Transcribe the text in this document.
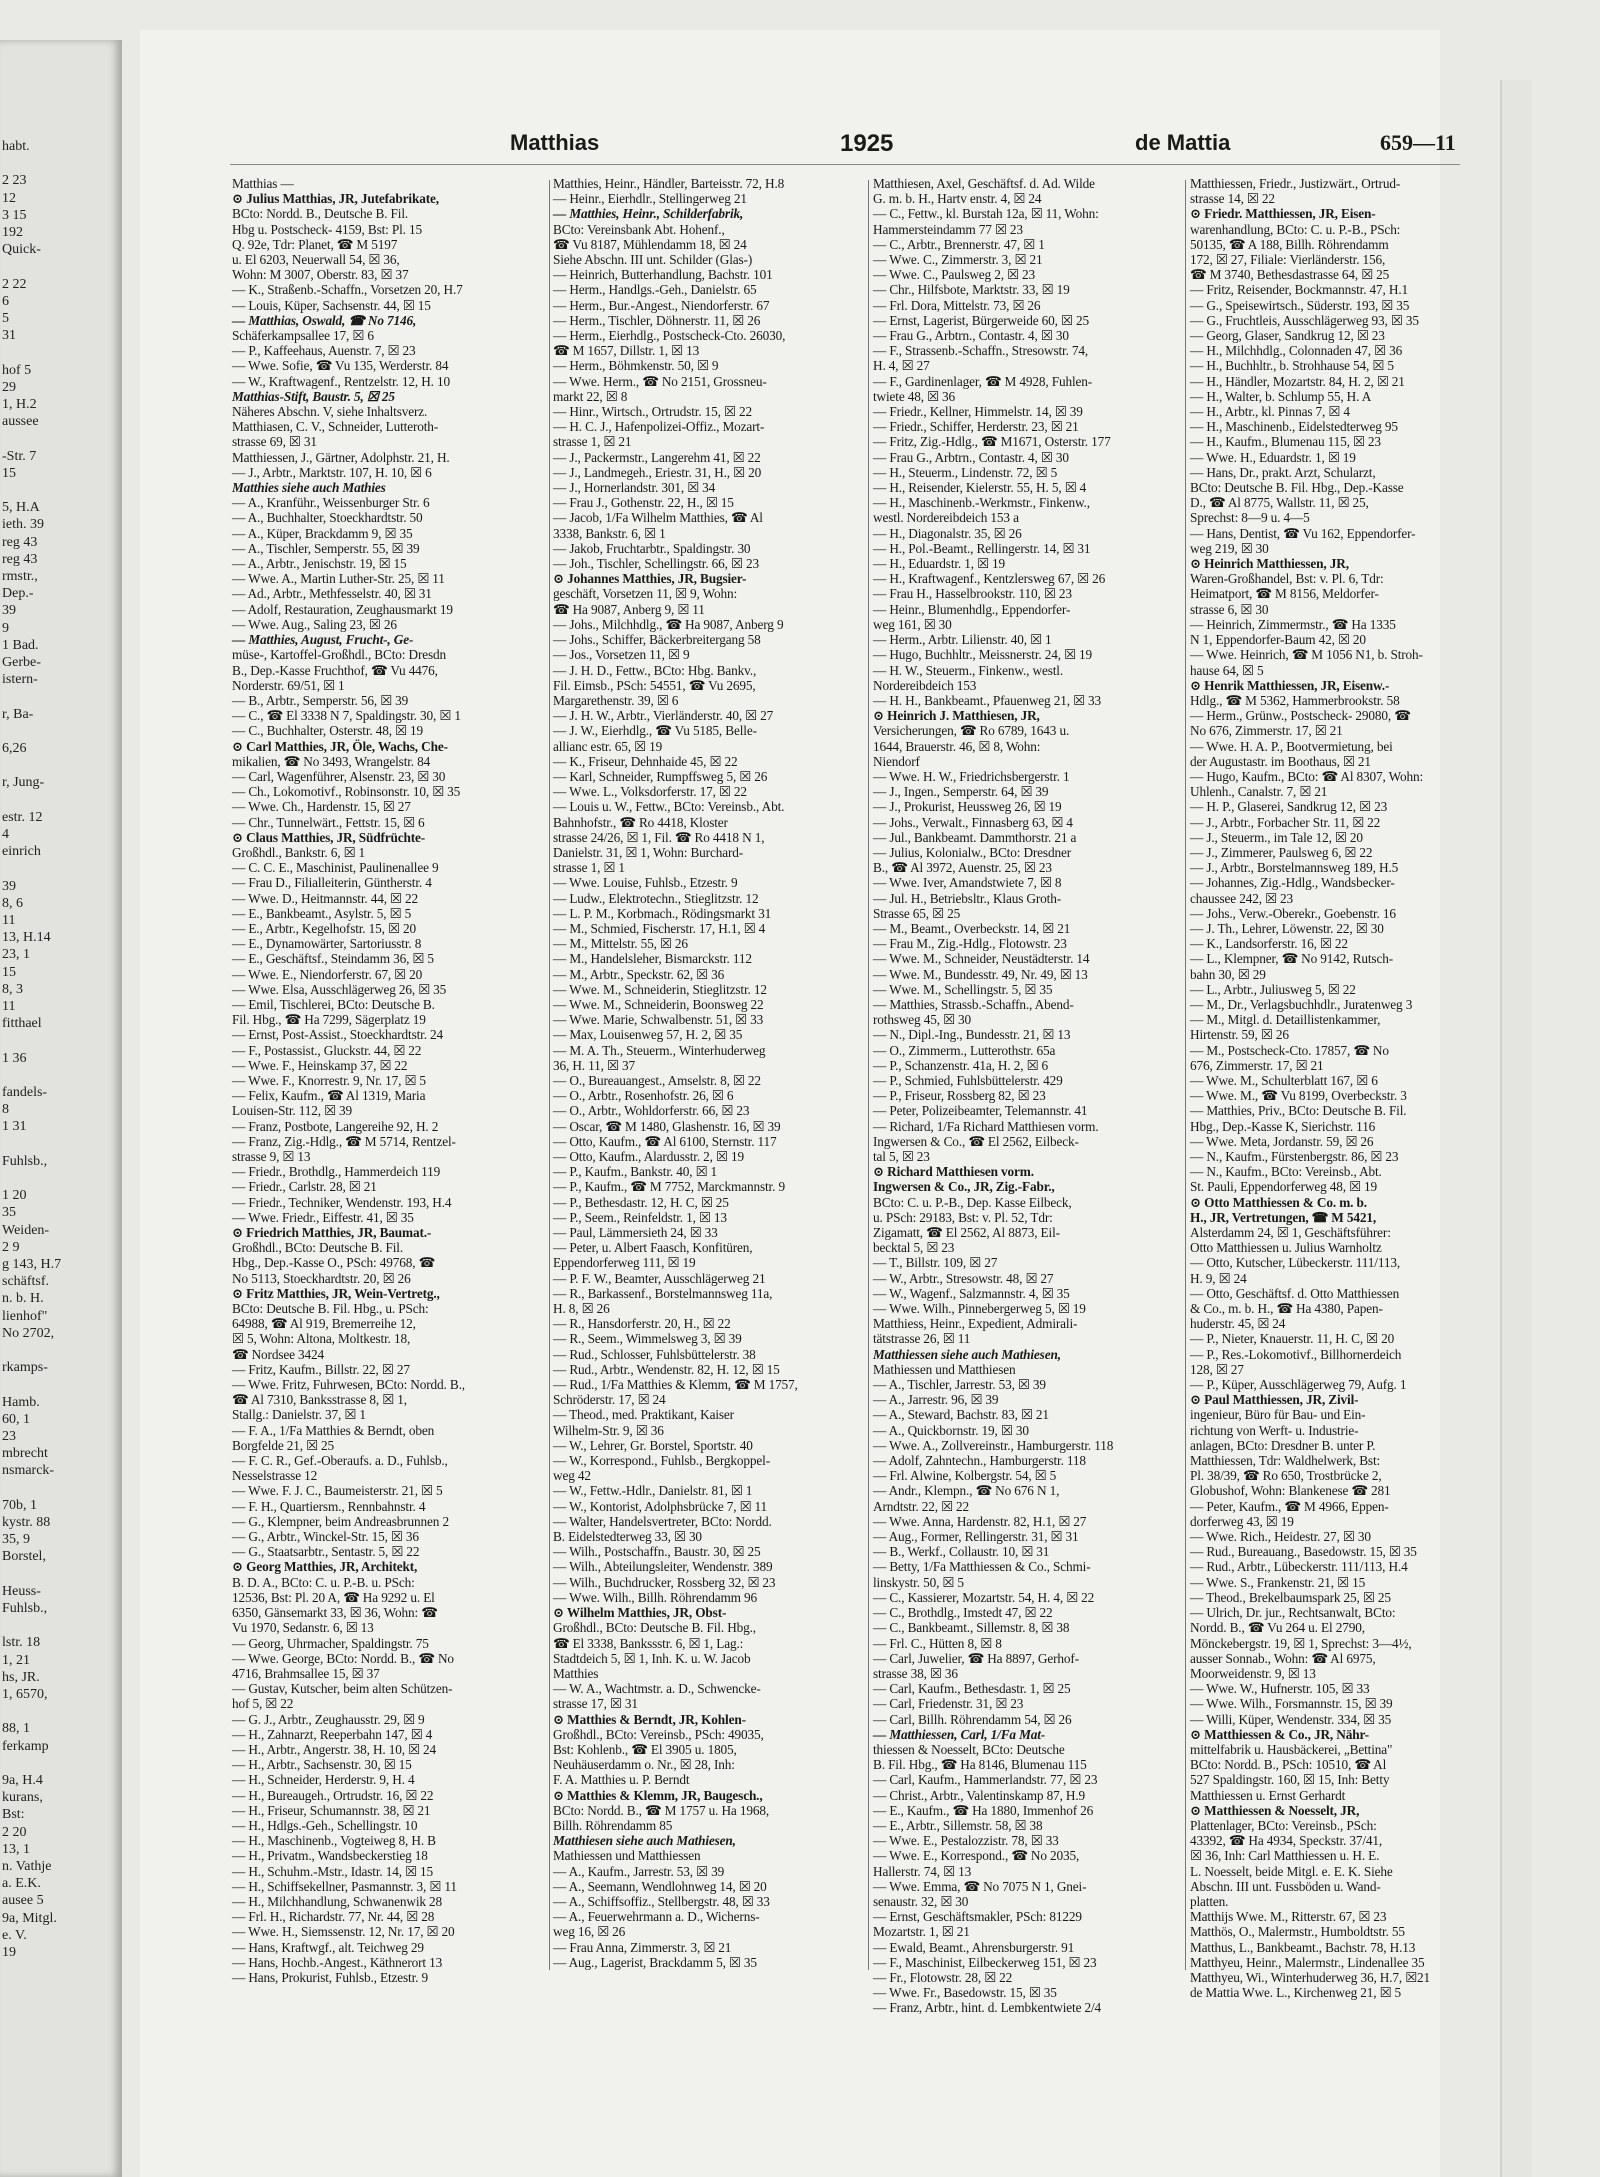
habt.
2 23
12
3 15
192
Quick-
2 22
6
5
31
hof 5
29
1, H.2
aussee
-Str. 7
15
5, H.A
ieth. 39
reg 43
reg 43
rmstr.,
Dep.-
39
9
1 Bad.
Gerbe-
istern-
r, Ba-
6,26
r, Jung-
estr. 12
4
einrich
39
8, 6
11
13, H.14
23, 1
15
8, 3
11
fitthael
1 36
fandels-
8
1 31
Fuhlsb.,
1 20
35
Weiden-
2 9
g 143, H.7
schäftsf.
n. b. H.
lienhof"
No 2702,
rkamps-
Hamb.
60, 1
23
mbrecht
nsmarck-
70b, 1
kystr. 88
35, 9
Borstel,
Heuss-
Fuhlsb.,
lstr. 18
1, 21
hs, JR.
1, 6570,
88, 1
ferkamp
9a, H.4
kurans,
Bst:
2 20
13, 1
n. Vathje
a. E.K.
ausee 5
9a, Mitgl.
e. V.
19
Matthias	1925	de Mattia	659—11
Matthias —
⊙ Julius Matthias, JR, Jutefabrikate,
BCto: Nordd. B., Deutsche B. Fil.
Hbg u. Postscheck- 4159, Bst: Pl. 15
Q. 92e, Tdr: Planet, ☎ M 5197
u. El 6203, Neuerwall 54, ☒ 36,
Wohn: M 3007, Oberstr. 83, ☒ 37
— K., Straßenb.-Schaffn., Vorsetzen 20, H.7
— Louis, Küper, Sachsenstr. 44, ☒ 15
— Matthias, Oswald, ☎ No 7146,
Schäferkampsallee 17, ☒ 6
— P., Kaffeehaus, Auenstr. 7, ☒ 23
— Wwe. Sofie, ☎ Vu 135, Werderstr. 84
— W., Kraftwagenf., Rentzelstr. 12, H. 10
Matthias-Stift, Baustr. 5, ☒ 25
Näheres Abschn. V, siehe Inhaltsverz.
Matthiasen, C. V., Schneider, Lutteroth-
strasse 69, ☒ 31
Matthiessen, J., Gärtner, Adolphstr. 21, H.
— J., Arbtr., Marktstr. 107, H. 10, ☒ 6
Matthies siehe auch Mathies
— A., Kranführ., Weissenburger Str. 6
— A., Buchhalter, Stoeckhardtstr. 50
— A., Küper, Brackdamm 9, ☒ 35
— A., Tischler, Semperstr. 55, ☒ 39
— A., Arbtr., Jenischstr. 19, ☒ 15
— Wwe. A., Martin Luther-Str. 25, ☒ 11
— Ad., Arbtr., Methfesselstr. 40, ☒ 31
— Adolf, Restauration, Zeughausmarkt 19
— Wwe. Aug., Saling 23, ☒ 26
— Matthies, August, Frucht-, Ge-
müse-, Kartoffel-Großhdl., BCto: Dresdn
B., Dep.-Kasse Fruchthof, ☎ Vu 4476,
Norderstr. 69/51, ☒ 1
— B., Arbtr., Semperstr. 56, ☒ 39
— C., ☎ El 3338 N 7, Spaldingstr. 30, ☒ 1
— C., Buchhalter, Osterstr. 48, ☒ 19
⊙ Carl Matthies, JR, Öle, Wachs, Che-
mikalien, ☎ No 3493, Wrangelstr. 84
— Carl, Wagenführer, Alsenstr. 23, ☒ 30
— Ch., Lokomotivf., Robinsonstr. 10, ☒ 35
— Wwe. Ch., Hardenstr. 15, ☒ 27
— Chr., Tunnelwärt., Fettstr. 15, ☒ 6
⊙ Claus Matthies, JR, Südfrüchte-
Großhdl., Bankstr. 6, ☒ 1
— C. C. E., Maschinist, Paulinenallee 9
— Frau D., Filialleiterin, Güntherstr. 4
— Wwe. D., Heitmannstr. 44, ☒ 22
— E., Bankbeamt., Asylstr. 5, ☒ 5
— E., Arbtr., Kegelhofstr. 15, ☒ 20
— E., Dynamowärter, Sartoriusstr. 8
— E., Geschäftsf., Steindamm 36, ☒ 5
— Wwe. E., Niendorferstr. 67, ☒ 20
— Wwe. Elsa, Ausschlägerweg 26, ☒ 35
— Emil, Tischlerei, BCto: Deutsche B.
Fil. Hbg., ☎ Ha 7299, Sägerplatz 19
— Ernst, Post-Assist., Stoeckhardtstr. 24
— F., Postassist., Gluckstr. 44, ☒ 22
— Wwe. F., Heinskamp 37, ☒ 22
— Wwe. F., Knorrestr. 9, Nr. 17, ☒ 5
— Felix, Kaufm., ☎ Al 1319, Maria
Louisen-Str. 112, ☒ 39
— Franz, Postbote, Langereihe 92, H. 2
— Franz, Zig.-Hdlg., ☎ M 5714, Rentzel-
strasse 9, ☒ 13
— Friedr., Brothdlg., Hammerdeich 119
— Friedr., Carlstr. 28, ☒ 21
— Friedr., Techniker, Wendenstr. 193, H.4
— Wwe. Friedr., Eiffestr. 41, ☒ 35
⊙ Friedrich Matthies, JR, Baumat.-
Großhdl., BCto: Deutsche B. Fil.
Hbg., Dep.-Kasse O., PSch: 49768, ☎
No 5113, Stoeckhardtstr. 20, ☒ 26
⊙ Fritz Matthies, JR, Wein-Vertretg.,
BCto: Deutsche B. Fil. Hbg., u. PSch:
64988, ☎ Al 919, Bremerreihe 12,
☒ 5, Wohn: Altona, Moltkestr. 18,
☎ Nordsee 3424
— Fritz, Kaufm., Billstr. 22, ☒ 27
— Wwe. Fritz, Fuhrwesen, BCto: Nordd. B.,
☎ Al 7310, Banksstrasse 8, ☒ 1,
Stallg.: Danielstr. 37, ☒ 1
— F. A., 1/Fa Matthies & Berndt, oben
Borgfelde 21, ☒ 25
— F. C. R., Gef.-Oberaufs. a. D., Fuhlsb.,
Nesselstrasse 12
— Wwe. F. J. C., Baumeisterstr. 21, ☒ 5
— F. H., Quartiersm., Rennbahnstr. 4
— G., Klempner, beim Andreasbrunnen 2
— G., Arbtr., Winckel-Str. 15, ☒ 36
— G., Staatsarbtr., Sentastr. 5, ☒ 22
⊙ Georg Matthies, JR, Architekt,
B. D. A., BCto: C. u. P.-B. u. PSch:
12536, Bst: Pl. 20 A, ☎ Ha 9292 u. El
6350, Gänsemarkt 33, ☒ 36, Wohn: ☎
Vu 1970, Sedanstr. 6, ☒ 13
— Georg, Uhrmacher, Spaldingstr. 75
— Wwe. George, BCto: Nordd. B., ☎ No
4716, Brahmsallee 15, ☒ 37
— Gustav, Kutscher, beim alten Schützen-
hof 5, ☒ 22
— G. J., Arbtr., Zeughausstr. 29, ☒ 9
— H., Zahnarzt, Reeperbahn 147, ☒ 4
— H., Arbtr., Angerstr. 38, H. 10, ☒ 24
— H., Arbtr., Sachsenstr. 30, ☒ 15
— H., Schneider, Herderstr. 9, H. 4
— H., Bureaugeh., Ortrudstr. 16, ☒ 22
— H., Friseur, Schumannstr. 38, ☒ 21
— H., Hdlgs.-Geh., Schellingstr. 10
— H., Maschinenb., Vogteiweg 8, H. B
— H., Privatm., Wandsbeckerstieg 18
— H., Schuhm.-Mstr., Idastr. 14, ☒ 15
— H., Schiffsekellner, Pasmannstr. 3, ☒ 11
— H., Milchhandlung, Schwanenwik 28
— Frl. H., Richardstr. 77, Nr. 44, ☒ 28
— Wwe. H., Siemssenstr. 12, Nr. 17, ☒ 20
— Hans, Kraftwgf., alt. Teichweg 29
— Hans, Hochb.-Angest., Käthnerort 13
— Hans, Prokurist, Fuhlsb., Etzestr. 9
Matthies, Heinr., Händler, Barteisstr. 72, H.8
— Heinr., Eierhdlr., Stellingerweg 21
— Matthies, Heinr., Schilderfabrik,
BCto: Vereinsbank Abt. Hohenf.,
☎ Vu 8187, Mühlendamm 18, ☒ 24
Siehe Abschn. III unt. Schilder (Glas-)
— Heinrich, Butterhandlung, Bachstr. 101
— Herm., Handlgs.-Geh., Danielstr. 65
— Herm., Bur.-Angest., Niendorferstr. 67
— Herm., Tischler, Döhnerstr. 11, ☒ 26
— Herm., Eierhdlg., Postscheck-Cto. 26030,
☎ M 1657, Dillstr. 1, ☒ 13
— Herm., Böhmkenstr. 50, ☒ 9
— Wwe. Herm., ☎ No 2151, Grossneu-
markt 22, ☒ 8
— Hinr., Wirtsch., Ortrudstr. 15, ☒ 22
— H. C. J., Hafenpolizei-Offiz., Mozart-
strasse 1, ☒ 21
— J., Packermstr., Langerehm 41, ☒ 22
— J., Landmegeh., Eriestr. 31, H., ☒ 20
— J., Hornerlandstr. 301, ☒ 34
— Frau J., Gothenstr. 22, H., ☒ 15
— Jacob, 1/Fa Wilhelm Matthies, ☎ Al
3338, Bankstr. 6, ☒ 1
— Jakob, Fruchtarbtr., Spaldingstr. 30
— Joh., Tischler, Schellingstr. 66, ☒ 23
⊙ Johannes Matthies, JR, Bugsier-
geschäft, Vorsetzen 11, ☒ 9, Wohn:
☎ Ha 9087, Anberg 9, ☒ 11
— Johs., Milchhdlg., ☎ Ha 9087, Anberg 9
— Johs., Schiffer, Bäckerbreitergang 58
— Jos., Vorsetzen 11, ☒ 9
— J. H. D., Fettw., BCto: Hbg. Bankv.,
Fil. Eimsb., PSch: 54551, ☎ Vu 2695,
Margarethenstr. 39, ☒ 6
— J. H. W., Arbtr., Vierländerstr. 40, ☒ 27
— J. W., Eierhdlg., ☎ Vu 5185, Belle-
allianc estr. 65, ☒ 19
— K., Friseur, Dehnhaide 45, ☒ 22
— Karl, Schneider, Rumpffsweg 5, ☒ 26
— Wwe. L., Volksdorferstr. 17, ☒ 22
— Louis u. W., Fettw., BCto: Vereinsb., Abt.
Bahnhofstr., ☎ Ro 4418, Kloster
strasse 24/26, ☒ 1, Fil. ☎ Ro 4418 N 1,
Danielstr. 31, ☒ 1, Wohn: Burchard-
strasse 1, ☒ 1
— Wwe. Louise, Fuhlsb., Etzestr. 9
— Ludw., Elektrotechn., Stieglitzstr. 12
— L. P. M., Korbmach., Rödingsmarkt 31
— M., Schmied, Fischerstr. 17, H.1, ☒ 4
— M., Mittelstr. 55, ☒ 26
— M., Handelsleher, Bismarckstr. 112
— M., Arbtr., Speckstr. 62, ☒ 36
— Wwe. M., Schneiderin, Stieglitzstr. 12
— Wwe. M., Schneiderin, Boonsweg 22
— Wwe. Marie, Schwalbenstr. 51, ☒ 33
— Max, Louisenweg 57, H. 2, ☒ 35
— M. A. Th., Steuerm., Winterhuderweg
36, H. 11, ☒ 37
— O., Bureauangest., Amselstr. 8, ☒ 22
— O., Arbtr., Rosenhofstr. 26, ☒ 6
— O., Arbtr., Wohldorferstr. 66, ☒ 23
— Oscar, ☎ M 1480, Glashenstr. 16, ☒ 39
— Otto, Kaufm., ☎ Al 6100, Sternstr. 117
— Otto, Kaufm., Alardusstr. 2, ☒ 19
— P., Kaufm., Bankstr. 40, ☒ 1
— P., Kaufm., ☎ M 7752, Marckmannstr. 9
— P., Bethesdastr. 12, H. C, ☒ 25
— P., Seem., Reinfeldstr. 1, ☒ 13
— Paul, Lämmersieth 24, ☒ 33
— Peter, u. Albert Faasch, Konfitüren,
Eppendorferweg 111, ☒ 19
— P. F. W., Beamter, Ausschlägerweg 21
— R., Barkassenf., Borstelmannsweg 11a,
H. 8, ☒ 26
— R., Hansdorferstr. 20, H., ☒ 22
— R., Seem., Wimmelsweg 3, ☒ 39
— Rud., Schlosser, Fuhlsbüttelerstr. 38
— Rud., Arbtr., Wendenstr. 82, H. 12, ☒ 15
— Rud., 1/Fa Matthies & Klemm, ☎ M 1757,
Schröderstr. 17, ☒ 24
— Theod., med. Praktikant, Kaiser
Wilhelm-Str. 9, ☒ 36
— W., Lehrer, Gr. Borstel, Sportstr. 40
— W., Korrespond., Fuhlsb., Bergkoppel-
weg 42
— W., Fettw.-Hdlr., Danielstr. 81, ☒ 1
— W., Kontorist, Adolphsbrücke 7, ☒ 11
— Walter, Handelsvertreter, BCto: Nordd.
B. Eidelstedterweg 33, ☒ 30
— Wilh., Postschaffn., Baustr. 30, ☒ 25
— Wilh., Abteilungsleiter, Wendenstr. 389
— Wilh., Buchdrucker, Rossberg 32, ☒ 23
— Wwe. Wilh., Billh. Röhrendamm 96
⊙ Wilhelm Matthies, JR, Obst-
Großhdl., BCto: Deutsche B. Fil. Hbg.,
☎ El 3338, Bankssstr. 6, ☒ 1, Lag.:
Stadtdeich 5, ☒ 1, Inh. K. u. W. Jacob
Matthies
— W. A., Wachtmstr. a. D., Schwencke-
strasse 17, ☒ 31
⊙ Matthies & Berndt, JR, Kohlen-
Großhdl., BCto: Vereinsb., PSch: 49035,
Bst: Kohlenb., ☎ El 3905 u. 1805,
Neuhäuserdamm o. Nr., ☒ 28, Inh:
F. A. Matthies u. P. Berndt
⊙ Matthies & Klemm, JR, Baugesch.,
BCto: Nordd. B., ☎ M 1757 u. Ha 1968,
Billh. Röhrendamm 85
Matthiesen siehe auch Mathiesen,
Mathiessen und Matthiessen
— A., Kaufm., Jarrestr. 53, ☒ 39
— A., Seemann, Wendlohnweg 14, ☒ 20
— A., Schiffsoffiz., Stellbergstr. 48, ☒ 33
— A., Feuerwehrmann a. D., Wicherns-
weg 16, ☒ 26
— Frau Anna, Zimmerstr. 3, ☒ 21
— Aug., Lagerist, Brackdamm 5, ☒ 35
Matthiesen, Axel, Geschäftsf. d. Ad. Wilde
G. m. b. H., Hartv enstr. 4, ☒ 24
— C., Fettw., kl. Burstah 12a, ☒ 11, Wohn:
Hammersteindamm 77 ☒ 23
— C., Arbtr., Brennerstr. 47, ☒ 1
— Wwe. C., Zimmerstr. 3, ☒ 21
— Wwe. C., Paulsweg 2, ☒ 23
— Chr., Hilfsbote, Marktstr. 33, ☒ 19
— Frl. Dora, Mittelstr. 73, ☒ 26
— Ernst, Lagerist, Bürgerweide 60, ☒ 25
— Frau G., Arbtrn., Contastr. 4, ☒ 30
— F., Strassenb.-Schaffn., Stresowstr. 74,
H. 4, ☒ 27
— F., Gardinenlager, ☎ M 4928, Fuhlen-
twiete 48, ☒ 36
— Friedr., Kellner, Himmelstr. 14, ☒ 39
— Friedr., Schiffer, Herderstr. 23, ☒ 21
— Fritz, Zig.-Hdlg., ☎ M1671, Osterstr. 177
— Frau G., Arbtrn., Contastr. 4, ☒ 30
— H., Steuerm., Lindenstr. 72, ☒ 5
— H., Reisender, Kielerstr. 55, H. 5, ☒ 4
— H., Maschinenb.-Werkmstr., Finkenw.,
westl. Nordereibdeich 153 a
— H., Diagonalstr. 35, ☒ 26
— H., Pol.-Beamt., Rellingerstr. 14, ☒ 31
— H., Eduardstr. 1, ☒ 19
— H., Kraftwagenf., Kentzlersweg 67, ☒ 26
— Frau H., Hasselbrookstr. 110, ☒ 23
— Heinr., Blumenhdlg., Eppendorfer-
weg 161, ☒ 30
— Herm., Arbtr. Lilienstr. 40, ☒ 1
— Hugo, Buchhltr., Meissnerstr. 24, ☒ 19
— H. W., Steuerm., Finkenw., westl.
Nordereibdeich 153
— H. H., Bankbeamt., Pfauenweg 21, ☒ 33
⊙ Heinrich J. Matthiesen, JR,
Versicherungen, ☎ Ro 6789, 1643 u.
1644, Brauerstr. 46, ☒ 8, Wohn:
Niendorf
— Wwe. H. W., Friedrichsbergerstr. 1
— J., Ingen., Semperstr. 64, ☒ 39
— J., Prokurist, Heussweg 26, ☒ 19
— Johs., Verwalt., Finnasberg 63, ☒ 4
— Jul., Bankbeamt. Dammthorstr. 21 a
— Julius, Kolonialw., BCto: Dresdner
B., ☎ Al 3972, Auenstr. 25, ☒ 23
— Wwe. Iver, Amandstwiete 7, ☒ 8
— Jul. H., Betriebsltr., Klaus Groth-
Strasse 65, ☒ 25
— M., Beamt., Overbeckstr. 14, ☒ 21
— Frau M., Zig.-Hdlg., Flotowstr. 23
— Wwe. M., Schneider, Neustädterstr. 14
— Wwe. M., Bundesstr. 49, Nr. 49, ☒ 13
— Wwe. M., Schellingstr. 5, ☒ 35
— Matthies, Strassb.-Schaffn., Abend-
rothsweg 45, ☒ 30
— N., Dipl.-Ing., Bundesstr. 21, ☒ 13
— O., Zimmerm., Lutterothstr. 65a
— P., Schanzenstr. 41a, H. 2, ☒ 6
— P., Schmied, Fuhlsbüttelerstr. 429
— P., Friseur, Rossberg 82, ☒ 23
— Peter, Polizeibeamter, Telemannstr. 41
— Richard, 1/Fa Richard Matthiesen vorm.
Ingwersen & Co., ☎ El 2562, Eilbeck-
tal 5, ☒ 23
⊙ Richard Matthiesen vorm.
Ingwersen & Co., JR, Zig.-Fabr.,
BCto: C. u. P.-B., Dep. Kasse Eilbeck,
u. PSch: 29183, Bst: v. Pl. 52, Tdr:
Zigamatt, ☎ El 2562, Al 8873, Eil-
becktal 5, ☒ 23
— T., Billstr. 109, ☒ 27
— W., Arbtr., Stresowstr. 48, ☒ 27
— W., Wagenf., Salzmannstr. 4, ☒ 35
— Wwe. Wilh., Pinnebergerweg 5, ☒ 19
Matthiess, Heinr., Expedient, Admirali-
tätstrasse 26, ☒ 11
Matthiessen siehe auch Mathiesen,
Mathiessen und Matthiesen
— A., Tischler, Jarrestr. 53, ☒ 39
— A., Jarrestr. 96, ☒ 39
— A., Steward, Bachstr. 83, ☒ 21
— A., Quickbornstr. 19, ☒ 30
— Wwe. A., Zollvereinstr., Hamburgerstr. 118
— Adolf, Zahntechn., Hamburgerstr. 118
— Frl. Alwine, Kolbergstr. 54, ☒ 5
— Andr., Klempn., ☎ No 676 N 1,
Arndtstr. 22, ☒ 22
— Wwe. Anna, Hardenstr. 82, H.1, ☒ 27
— Aug., Former, Rellingerstr. 31, ☒ 31
— B., Werkf., Collaustr. 10, ☒ 31
— Betty, 1/Fa Matthiessen & Co., Schmi-
linskystr. 50, ☒ 5
— C., Kassierer, Mozartstr. 54, H. 4, ☒ 22
— C., Brothdlg., Imstedt 47, ☒ 22
— C., Bankbeamt., Sillemstr. 8, ☒ 38
— Frl. C., Hütten 8, ☒ 8
— Carl, Juwelier, ☎ Ha 8897, Gerhof-
strasse 38, ☒ 36
— Carl, Kaufm., Bethesdastr. 1, ☒ 25
— Carl, Friedenstr. 31, ☒ 23
— Carl, Billh. Röhrendamm 54, ☒ 26
— Matthiessen, Carl, 1/Fa Mat-
thiessen & Noesselt, BCto: Deutsche
B. Fil. Hbg., ☎ Ha 8146, Blumenau 115
— Carl, Kaufm., Hammerlandstr. 77, ☒ 23
— Christ., Arbtr., Valentinskamp 87, H.9
— E., Kaufm., ☎ Ha 1880, Immenhof 26
— E., Arbtr., Sillemstr. 58, ☒ 38
— Wwe. E., Pestalozzistr. 78, ☒ 33
— Wwe. E., Korrespond., ☎ No 2035,
Hallerstr. 74, ☒ 13
— Wwe. Emma, ☎ No 7075 N 1, Gnei-
senaustr. 32, ☒ 30
— Ernst, Geschäftsmakler, PSch: 81229
Mozartstr. 1, ☒ 21
— Ewald, Beamt., Ahrensburgerstr. 91
— F., Maschinist, Eilbeckerweg 151, ☒ 23
— Fr., Flotowstr. 28, ☒ 22
— Wwe. Fr., Basedowstr. 15, ☒ 35
— Franz, Arbtr., hint. d. Lembkentwiete 2/4
Matthiessen, Friedr., Justizwärt., Ortrud-
strasse 14, ☒ 22
⊙ Friedr. Matthiessen, JR, Eisen-
warenhandlung, BCto: C. u. P.-B., PSch:
50135, ☎ A 188, Billh. Röhrendamm
172, ☒ 27, Filiale: Vierländerstr. 156,
☎ M 3740, Bethesdastrasse 64, ☒ 25
— Fritz, Reisender, Bockmannstr. 47, H.1
— G., Speisewirtsch., Süderstr. 193, ☒ 35
— G., Fruchtleis, Ausschlägerweg 93, ☒ 35
— Georg, Glaser, Sandkrug 12, ☒ 23
— H., Milchhdlg., Colonnaden 47, ☒ 36
— H., Buchhltr., b. Strohhause 54, ☒ 5
— H., Händler, Mozartstr. 84, H. 2, ☒ 21
— H., Walter, b. Schlump 55, H. A
— H., Arbtr., kl. Pinnas 7, ☒ 4
— H., Maschinenb., Eidelstedterweg 95
— H., Kaufm., Blumenau 115, ☒ 23
— Wwe. H., Eduardstr. 1, ☒ 19
— Hans, Dr., prakt. Arzt, Schularzt,
BCto: Deutsche B. Fil. Hbg., Dep.-Kasse
D., ☎ Al 8775, Wallstr. 11, ☒ 25,
Sprechst: 8—9 u. 4—5
— Hans, Dentist, ☎ Vu 162, Eppendorfer-
weg 219, ☒ 30
⊙ Heinrich Matthiessen, JR,
Waren-Großhandel, Bst: v. Pl. 6, Tdr:
Heimatport, ☎ M 8156, Meldorfer-
strasse 6, ☒ 30
— Heinrich, Zimmermstr., ☎ Ha 1335
N 1, Eppendorfer-Baum 42, ☒ 20
— Wwe. Heinrich, ☎ M 1056 N1, b. Stroh-
hause 64, ☒ 5
⊙ Henrik Matthiessen, JR, Eisenw.-
Hdlg., ☎ M 5362, Hammerbrookstr. 58
— Herm., Grünw., Postscheck- 29080, ☎
No 676, Zimmerstr. 17, ☒ 21
— Wwe. H. A. P., Bootvermietung, bei
der Augustastr. im Boothaus, ☒ 21
— Hugo, Kaufm., BCto: ☎ Al 8307, Wohn:
Uhlenh., Canalstr. 7, ☒ 21
— H. P., Glaserei, Sandkrug 12, ☒ 23
— J., Arbtr., Forbacher Str. 11, ☒ 22
— J., Steuerm., im Tale 12, ☒ 20
— J., Zimmerer, Paulsweg 6, ☒ 22
— J., Arbtr., Borstelmannsweg 189, H.5
— Johannes, Zig.-Hdlg., Wandsbecker-
chaussee 242, ☒ 23
— Johs., Verw.-Oberekr., Goebenstr. 16
— J. Th., Lehrer, Löwenstr. 22, ☒ 30
— K., Landsorferstr. 16, ☒ 22
— L., Klempner, ☎ No 9142, Rutsch-
bahn 30, ☒ 29
— L., Arbtr., Juliusweg 5, ☒ 22
— M., Dr., Verlagsbuchhdlr., Juratenweg 3
— M., Mitgl. d. Detaillistenkammer,
Hirtenstr. 59, ☒ 26
— M., Postscheck-Cto. 17857, ☎ No
676, Zimmerstr. 17, ☒ 21
— Wwe. M., Schulterblatt 167, ☒ 6
— Wwe. M., ☎ Vu 8199, Overbeckstr. 3
— Matthies, Priv., BCto: Deutsche B. Fil.
Hbg., Dep.-Kasse K, Sierichstr. 116
— Wwe. Meta, Jordanstr. 59, ☒ 26
— N., Kaufm., Fürstenbergstr. 86, ☒ 23
— N., Kaufm., BCto: Vereinsb., Abt.
St. Pauli, Eppendorferweg 48, ☒ 19
⊙ Otto Matthiessen & Co. m. b.
H., JR, Vertretungen, ☎ M 5421,
Alsterdamm 24, ☒ 1, Geschäftsführer:
Otto Matthiessen u. Julius Warnholtz
— Otto, Kutscher, Lübeckerstr. 111/113,
H. 9, ☒ 24
— Otto, Geschäftsf. d. Otto Matthiessen
& Co., m. b. H., ☎ Ha 4380, Papen-
huderstr. 45, ☒ 24
— P., Nieter, Knauerstr. 11, H. C, ☒ 20
— P., Res.-Lokomotivf., Billhornerdeich
128, ☒ 27
— P., Küper, Ausschlägerweg 79, Aufg. 1
⊙ Paul Matthiessen, JR, Zivil-
ingenieur, Büro für Bau- und Ein-
richtung von Werft- u. Industrie-
anlagen, BCto: Dresdner B. unter P.
Matthiessen, Tdr: Waldhelwerk, Bst:
Pl. 38/39, ☎ Ro 650, Trostbrücke 2,
Globushof, Wohn: Blankenese ☎ 281
— Peter, Kaufm., ☎ M 4966, Eppen-
dorferweg 43, ☒ 19
— Wwe. Rich., Heidestr. 27, ☒ 30
— Rud., Bureauang., Basedowstr. 15, ☒ 35
— Rud., Arbtr., Lübeckerstr. 111/113, H.4
— Wwe. S., Frankenstr. 21, ☒ 15
— Theod., Brekelbaumspark 25, ☒ 25
— Ulrich, Dr. jur., Rechtsanwalt, BCto:
Nordd. B., ☎ Vu 264 u. El 2790,
Mönckebergstr. 19, ☒ 1, Sprechst: 3—4½,
ausser Sonnab., Wohn: ☎ Al 6975,
Moorweidenstr. 9, ☒ 13
— Wwe. W., Hufnerstr. 105, ☒ 33
— Wwe. Wilh., Forsmannstr. 15, ☒ 39
— Willi, Küper, Wendenstr. 334, ☒ 35
⊙ Matthiessen & Co., JR, Nähr-
mittelfabrik u. Hausbäckerei, „Bettina"
BCto: Nordd. B., PSch: 10510, ☎ Al
527 Spaldingstr. 160, ☒ 15, Inh: Betty
Matthiessen u. Ernst Gerhardt
⊙ Matthiessen & Noesselt, JR,
Plattenlager, BCto: Vereinsb., PSch:
43392, ☎ Ha 4934, Speckstr. 37/41,
☒ 36, Inh: Carl Matthiessen u. H. E.
L. Noesselt, beide Mitgl. e. E. K. Siehe
Abschn. III unt. Fussböden u. Wand-
platten.
Matthijs Wwe. M., Ritterstr. 67, ☒ 23
Matthös, O., Malermstr., Humboldtstr. 55
Matthus, L., Bankbeamt., Bachstr. 78, H.13
Matthyeu, Heinr., Malermstr., Lindenallee 35
Matthyeu, Wi., Winterhuderweg 36, H.7, ☒21
de Mattia Wwe. L., Kirchenweg 21, ☒ 5
